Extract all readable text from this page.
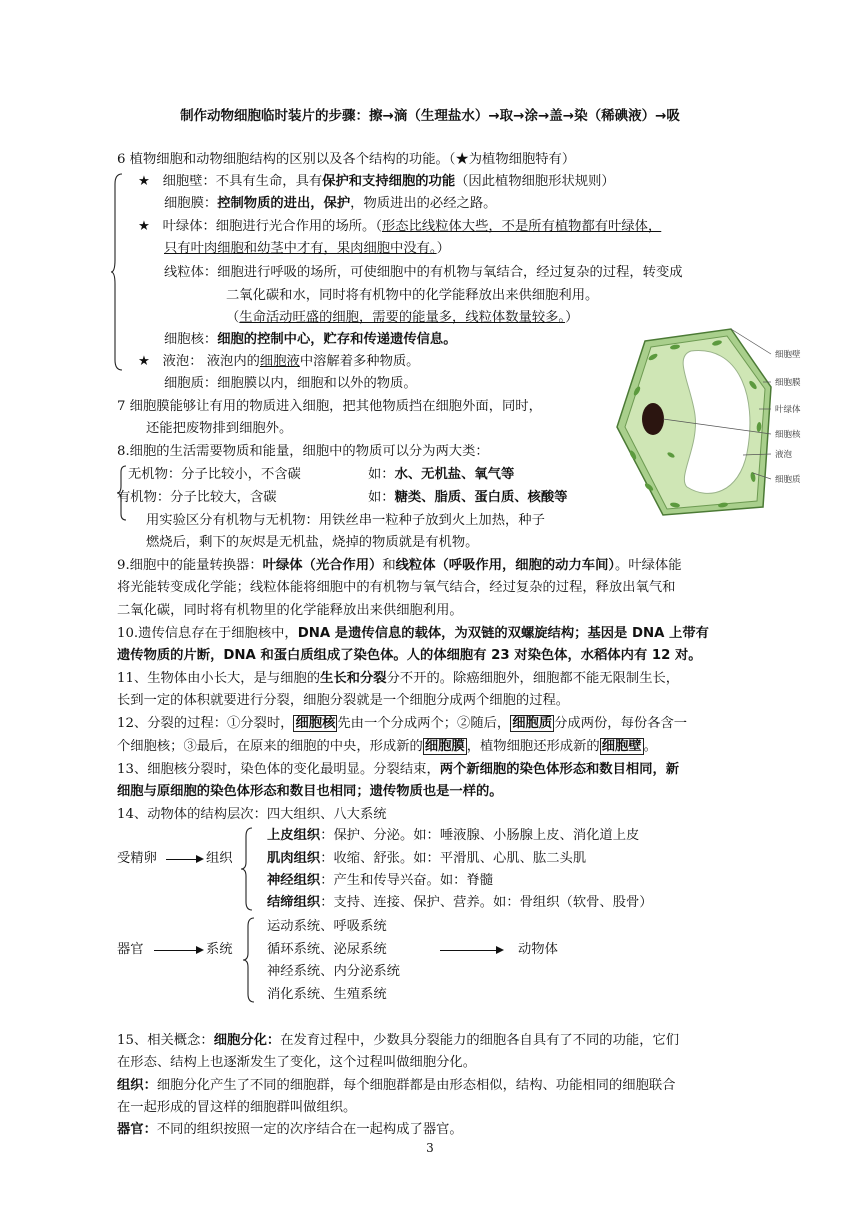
制作动物细胞临时装片的步骤：擦→滴（生理盐水）→取→涂→盖→染（稀碘液）→吸
6 植物细胞和动物细胞结构的区别以及各个结构的功能。（★为植物细胞特有）
★ 细胞壁：不具有生命，具有保护和支持细胞的功能（因此植物细胞形状规则）
细胞膜：控制物质的进出，保护，物质进出的必经之路。
★ 叶绿体：细胞进行光合作用的场所。（形态比线粒体大些，不是所有植物都有叶绿体，
只有叶肉细胞和幼茎中才有，果肉细胞中没有。）
线粒体：细胞进行呼吸的场所，可使细胞中的有机物与氧结合，经过复杂的过程，转变成
二氧化碳和水，同时将有机物中的化学能释放出来供细胞利用。
（生命活动旺盛的细胞，需要的能量多，线粒体数量较多。）
细胞核：细胞的控制中心，贮存和传递遗传信息。
★ 液泡： 液泡内的细胞液中溶解着多种物质。
细胞质：细胞膜以内，细胞和以外的物质。
7 细胞膜能够让有用的物质进入细胞，把其他物质挡在细胞外面，同时，
还能把废物排到细胞外。
8.细胞的生活需要物质和能量，细胞中的物质可以分为两大类：
无机物：分子比较小，不含碳	如：水、无机盐、氧气等
有机物：分子比较大，含碳	如：糖类、脂质、蛋白质、核酸等
用实验区分有机物与无机物：用铁丝串一粒种子放到火上加热，种子
燃烧后，剩下的灰烬是无机盐，烧掉的物质就是有机物。
细胞壁
细胞膜
叶绿体
细胞核
液泡
细胞质
9.细胞中的能量转换器：叶绿体（光合作用）和线粒体（呼吸作用，细胞的动力车间）。叶绿体能
将光能转变成化学能；线粒体能将细胞中的有机物与氧气结合，经过复杂的过程，释放出氧气和
二氧化碳，同时将有机物里的化学能释放出来供细胞利用。
10.遗传信息存在于细胞核中，DNA 是遗传信息的载体，为双链的双螺旋结构；基因是 DNA 上带有
遗传物质的片断，DNA 和蛋白质组成了染色体。人的体细胞有 23 对染色体，水稻体内有 12 对。
11、生物体由小长大，是与细胞的生长和分裂分不开的。除癌细胞外，细胞都不能无限制生长，
长到一定的体积就要进行分裂，细胞分裂就是一个细胞分成两个细胞的过程。
12、分裂的过程：①分裂时， 细胞核 先由一个分成两个；②随后， 细胞质 分成两份，每份各含一
个细胞核；③最后，在原来的细胞的中央，形成新的 细胞膜 ，植物细胞还形成新的 细胞壁 。
13、细胞核分裂时，染色体的变化最明显。分裂结束，两个新细胞的染色体形态和数目相同，新
细胞与原细胞的染色体形态和数目也相同；遗传物质也是一样的。
14、动物体的结构层次：四大组织、八大系统
受精卵	组织
上皮组织：保护、分泌。如：唾液腺、小肠腺上皮、消化道上皮
肌肉组织：收缩、舒张。如：平滑肌、心肌、肱二头肌
神经组织：产生和传导兴奋。如：脊髓
结缔组织：支持、连接、保护、营养。如：骨组织（软骨、股骨）
器官	系统
运动系统、呼吸系统
循环系统、泌尿系统	动物体
神经系统、内分泌系统
消化系统、生殖系统
15、相关概念：细胞分化：在发育过程中，少数具分裂能力的细胞各自具有了不同的功能，它们
在形态、结构上也逐渐发生了变化，这个过程叫做细胞分化。
组织：细胞分化产生了不同的细胞群，每个细胞群都是由形态相似，结构、功能相同的细胞联合
在一起形成的冒这样的细胞群叫做组织。
器官：不同的组织按照一定的次序结合在一起构成了器官。
3
